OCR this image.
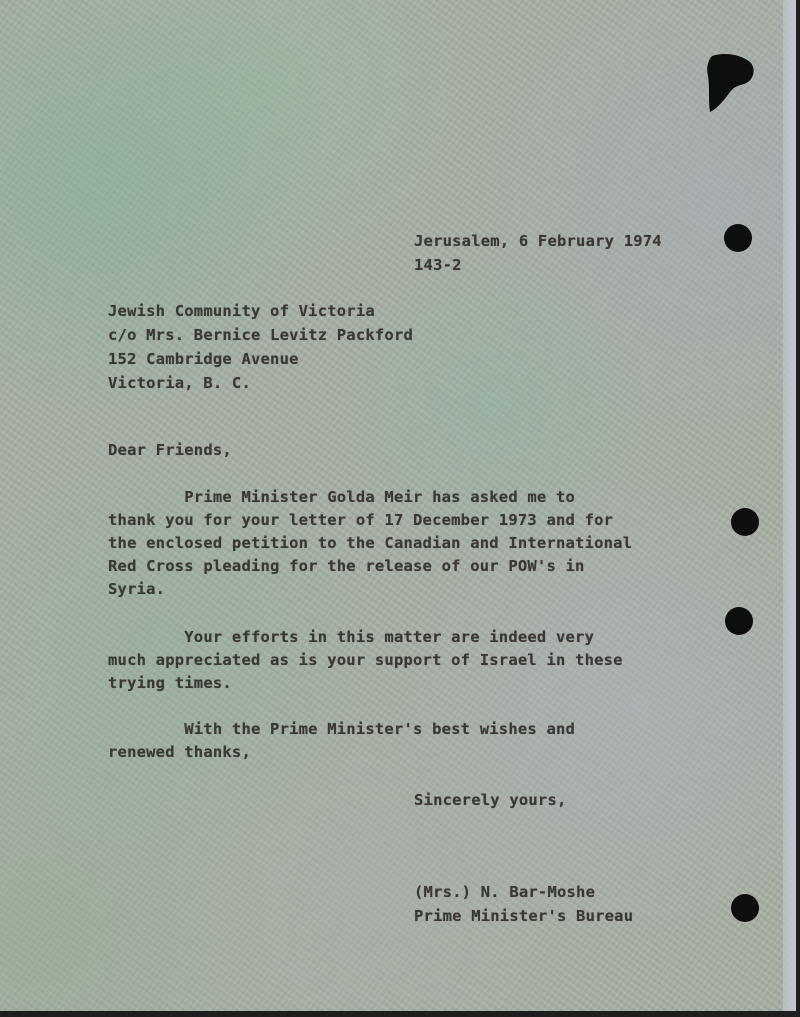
Jerusalem, 6 February 1974
143-2
Jewish Community of Victoria
c/o Mrs. Bernice Levitz Packford
152 Cambridge Avenue
Victoria, B. C.
Dear Friends,
Prime Minister Golda Meir has asked me to
thank you for your letter of 17 December 1973 and for
the enclosed petition to the Canadian and International
Red Cross pleading for the release of our POW's in
Syria.
Your efforts in this matter are indeed very
much appreciated as is your support of Israel in these
trying times.
With the Prime Minister's best wishes and
renewed thanks,
Sincerely yours,
(Mrs.) N. Bar-Moshe
Prime Minister's Bureau
